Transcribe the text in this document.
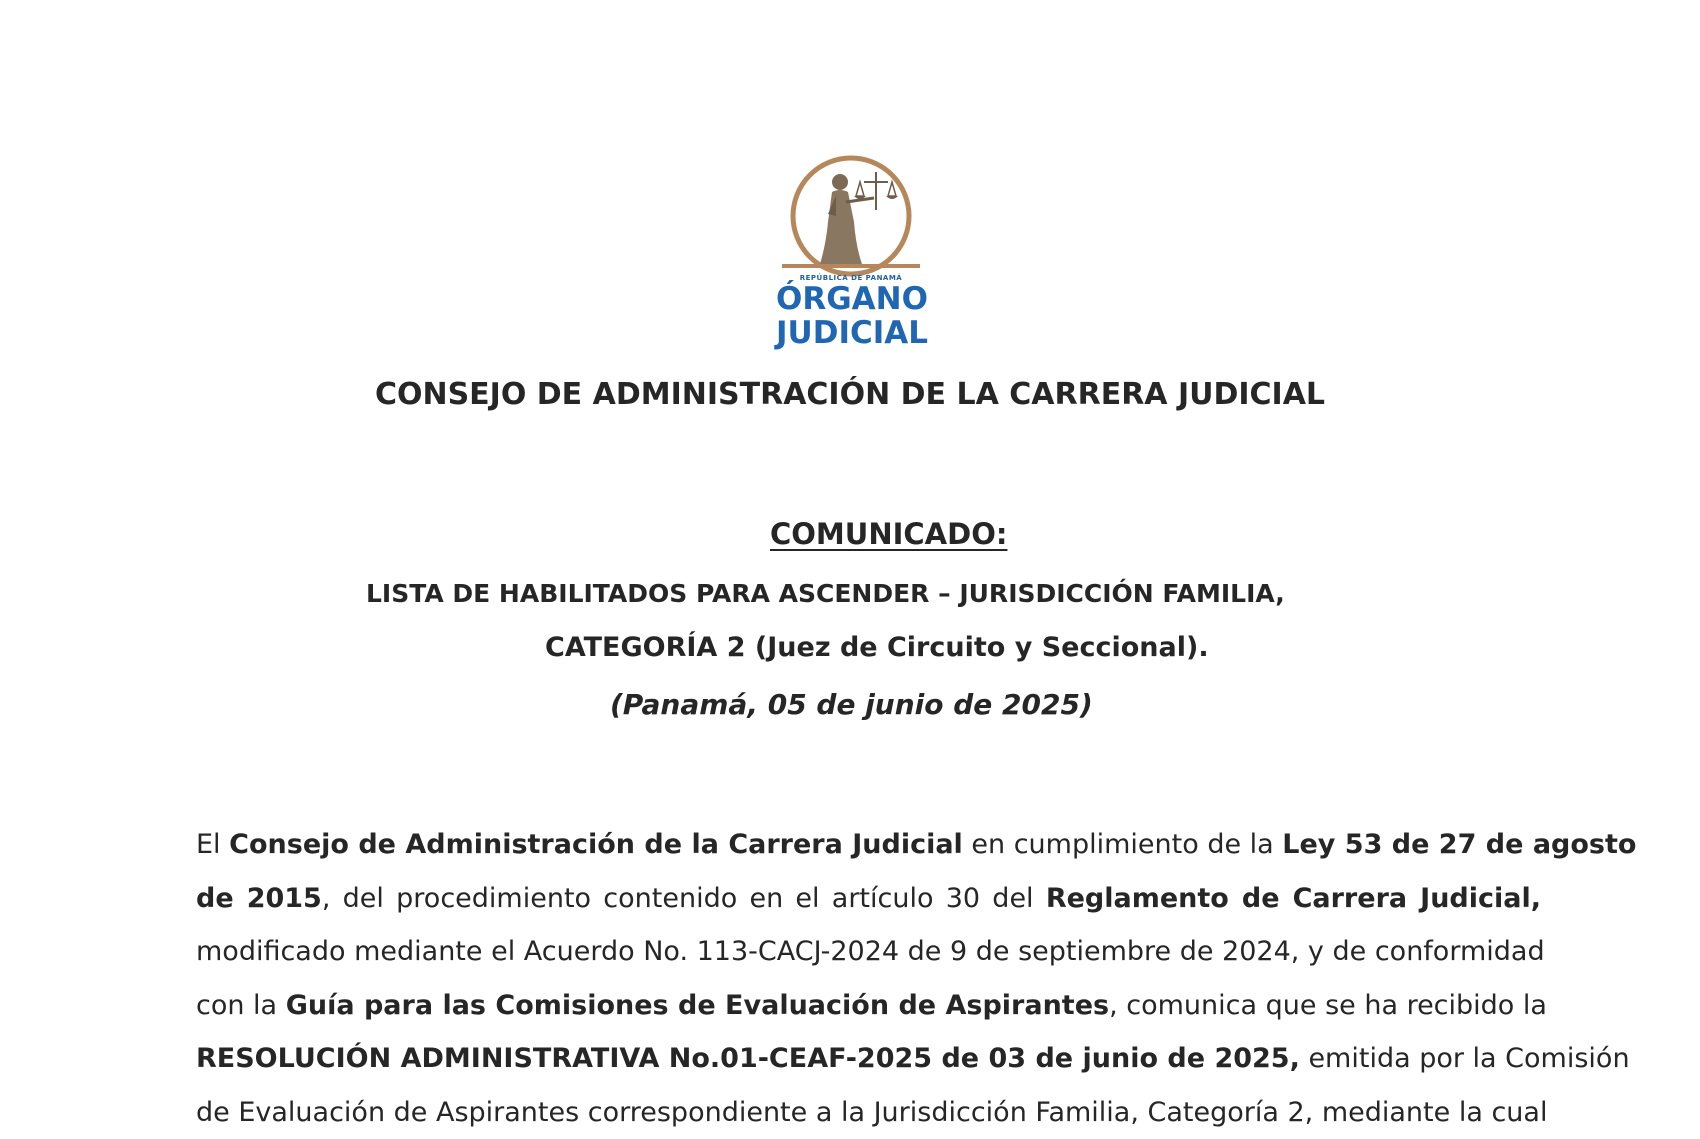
REPÚBLICA DE PANAMÁ
ÓRGANO
JUDICIAL
CONSEJO DE ADMINISTRACIÓN DE LA CARRERA JUDICIAL
COMUNICADO:
LISTA DE HABILITADOS PARA ASCENDER – JURISDICCIÓN FAMILIA,
CATEGORÍA 2 (Juez de Circuito y Seccional).
(Panamá, 05 de junio de 2025)
El Consejo de Administración de la Carrera Judicial en cumplimiento de la Ley 53 de 27 de agosto
de 2015, del procedimiento contenido en el artículo 30 del Reglamento de Carrera Judicial,
modificado mediante el Acuerdo No. 113-CACJ-2024 de 9 de septiembre de 2024, y de conformidad
con la Guía para las Comisiones de Evaluación de Aspirantes, comunica que se ha recibido la
RESOLUCIÓN ADMINISTRATIVA No.01-CEAF-2025 de 03 de junio de 2025, emitida por la Comisión
de Evaluación de Aspirantes correspondiente a la Jurisdicción Familia, Categoría 2, mediante la cual
